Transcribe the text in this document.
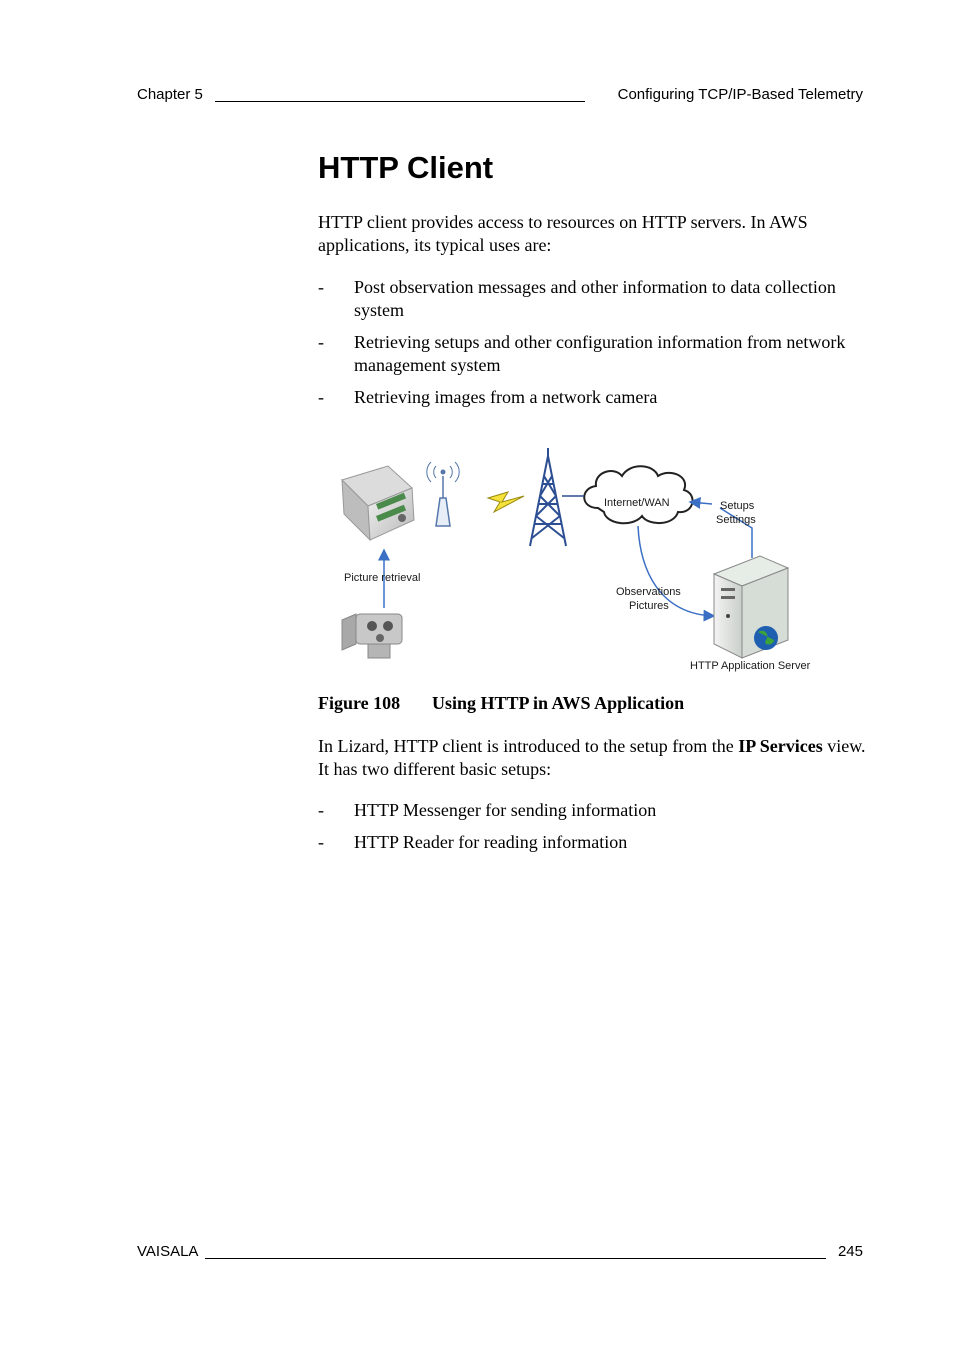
Chapter 5	Configuring TCP/IP-Based Telemetry
HTTP Client

HTTP client provides access to resources on HTTP servers. In AWS applications, its typical uses are:

- Post observation messages and other information to data collection system
- Retrieving setups and other configuration information from network management system
- Retrieving images from a network camera
Internet/WAN	Setups
Settings
Picture retrieval
Observations
Pictures
HTTP Application Server
Figure 108 Using HTTP in AWS Application

In Lizard, HTTP client is introduced to the setup from the IP Services view. It has two different basic setups:

- HTTP Messenger for sending information
- HTTP Reader for reading information
VAISALA	245
